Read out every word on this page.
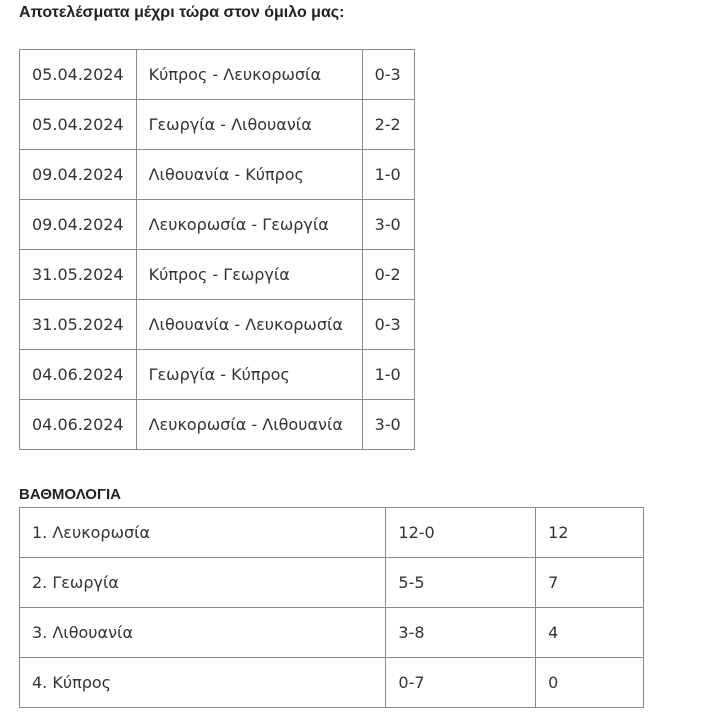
Αποτελέσματα μέχρι τώρα στον όμιλο μας:
05.04.2024	Κύπρος - Λευκορωσία	0-3
05.04.2024	Γεωργία - Λιθουανία	2-2
09.04.2024	Λιθουανία - Κύπρος	1-0
09.04.2024	Λευκορωσία - Γεωργία	3-0
31.05.2024	Κύπρος - Γεωργία	0-2
31.05.2024	Λιθουανία - Λευκορωσία	0-3
04.06.2024	Γεωργία - Κύπρος	1-0
04.06.2024	Λευκορωσία - Λιθουανία	3-0
ΒΑΘΜΟΛΟΓΙΑ
1. Λευκορωσία	12-0	12
2. Γεωργία	5-5	7
3. Λιθουανία	3-8	4
4. Κύπρος	0-7	0
